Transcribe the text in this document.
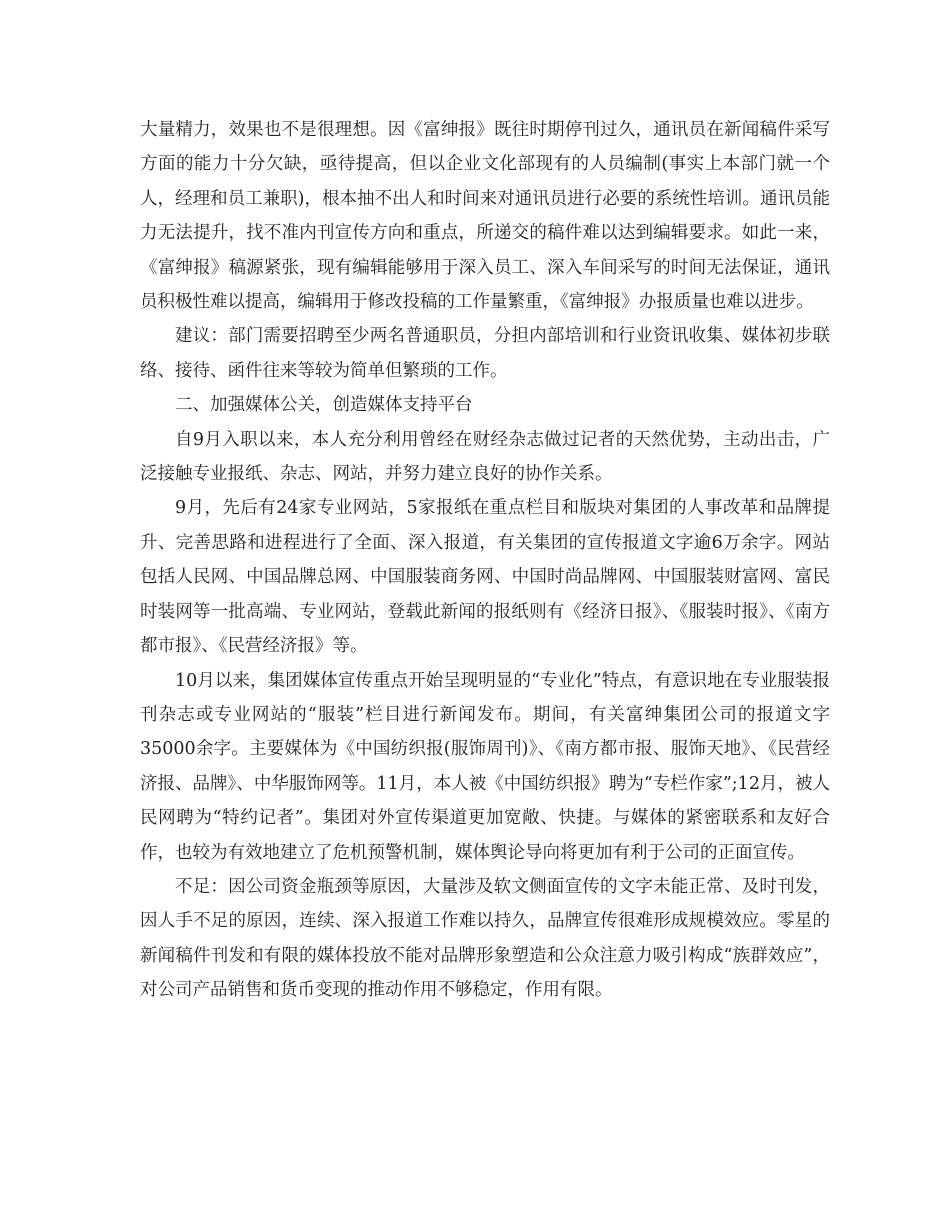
大量精力，效果也不是很理想。因《富绅报》既往时期停刊过久，通讯员在新闻稿件采写方面的能力十分欠缺，亟待提高，但以企业文化部现有的人员编制(事实上本部门就一个人，经理和员工兼职)，根本抽不出人和时间来对通讯员进行必要的系统性培训。通讯员能力无法提升，找不准内刊宣传方向和重点，所递交的稿件难以达到编辑要求。如此一来，《富绅报》稿源紧张，现有编辑能够用于深入员工、深入车间采写的时间无法保证，通讯员积极性难以提高，编辑用于修改投稿的工作量繁重，《富绅报》办报质量也难以进步。

建议：部门需要招聘至少两名普通职员，分担内部培训和行业资讯收集、媒体初步联络、接待、函件往来等较为简单但繁琐的工作。

二、加强媒体公关，创造媒体支持平台

自9月入职以来，本人充分利用曾经在财经杂志做过记者的天然优势，主动出击，广泛接触专业报纸、杂志、网站，并努力建立良好的协作关系。

9月，先后有24家专业网站，5家报纸在重点栏目和版块对集团的人事改革和品牌提升、完善思路和进程进行了全面、深入报道，有关集团的宣传报道文字逾6万余字。网站包括人民网、中国品牌总网、中国服装商务网、中国时尚品牌网、中国服装财富网、富民时装网等一批高端、专业网站，登载此新闻的报纸则有《经济日报》、《服装时报》、《南方都市报》、《民营经济报》等。

10月以来，集团媒体宣传重点开始呈现明显的“专业化”特点，有意识地在专业服装报刊杂志或专业网站的“服装”栏目进行新闻发布。期间，有关富绅集团公司的报道文字35000余字。主要媒体为《中国纺织报(服饰周刊)》、《南方都市报、服饰天地》、《民营经济报、品牌》、中华服饰网等。11月，本人被《中国纺织报》聘为“专栏作家”;12月，被人民网聘为“特约记者”。集团对外宣传渠道更加宽敞、快捷。与媒体的紧密联系和友好合作，也较为有效地建立了危机预警机制，媒体舆论导向将更加有利于公司的正面宣传。

不足：因公司资金瓶颈等原因，大量涉及软文侧面宣传的文字未能正常、及时刊发，因人手不足的原因，连续、深入报道工作难以持久，品牌宣传很难形成规模效应。零星的新闻稿件刊发和有限的媒体投放不能对品牌形象塑造和公众注意力吸引构成“族群效应”，对公司产品销售和货币变现的推动作用不够稳定，作用有限。
